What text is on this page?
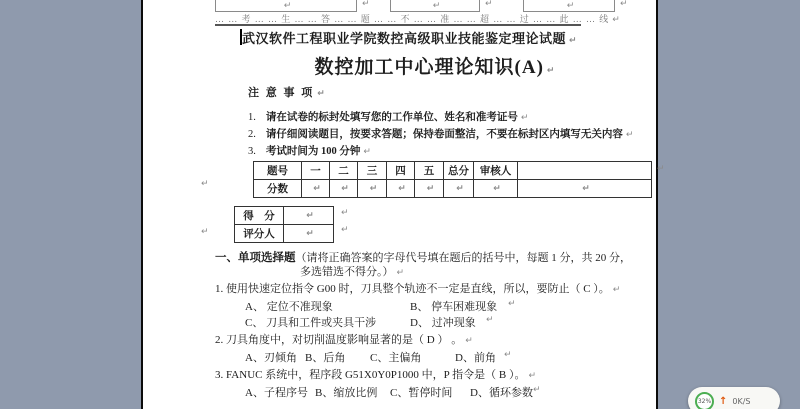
↵	↵	↵	↵	↵	↵
… … 考 … … 生 … … 答 … … 题 … … 不 … … 准 … … 超 … … 过 … … 此 … … 线 ↵
武汉软件工程职业学院数控高级职业技能鉴定理论试题 ↵
数控加工中心理论知识(A) ↵
注 意 事 项 ↵
1. 请在试卷的标封处填写您的工作单位、姓名和准考证号 ↵
2. 请仔细阅读题目，按要求答题；保持卷面整洁，不要在标封区内填写无关内容 ↵
3. 考试时间为 100 分钟 ↵
题号	一	二	三	四	五	总分	审核人	
分数	↵	↵	↵	↵	↵	↵	↵	↵
↵
↵
得　分	↵
评分人	↵
↵
↵
↵
一、单项选择题（请将正确答案的字母代号填在题后的括号中，每题 1 分，共 20 分，
多选错选不得分。） ↵
1. 使用快速定位指令 G00 时，刀具整个轨迹不一定是直线，所以，要防止（ C ）。 ↵
A、 定位不准现象	B、 停车困难现象 ↵
C、 刀具和工件或夹具干涉	D、 过冲现象 ↵
2. 刀具角度中，对切削温度影响显著的是（ D ） 。 ↵
A、刃倾角 B、后角 C、主偏角	D、前角 ↵
3. FANUC 系统中，程序段 G51X0Y0P1000 中，P 指令是（ B ）。 ↵
A、子程序号 B、缩放比例 C、暂停时间 D、循环参数 ↵
32% ↑ 0K/S
